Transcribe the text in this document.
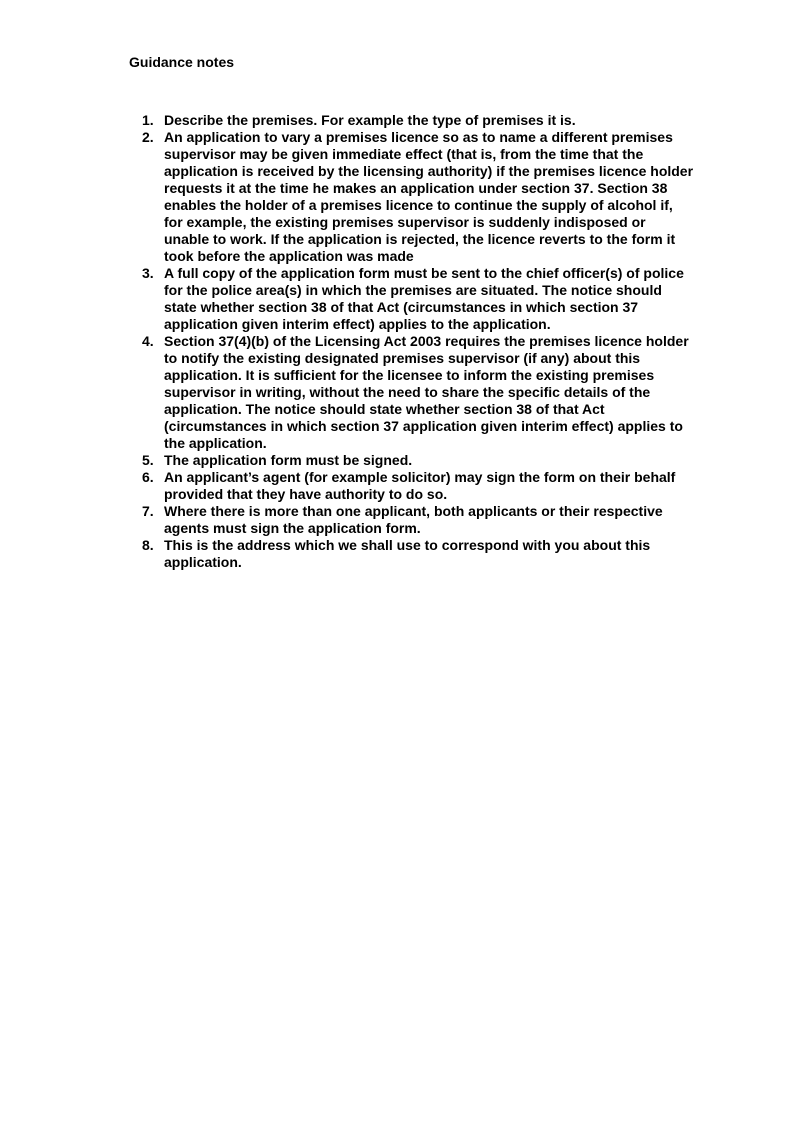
Guidance notes
1. Describe the premises. For example the type of premises it is.
2. An application to vary a premises licence so as to name a different premises supervisor may be given immediate effect (that is, from the time that the application is received by the licensing authority) if the premises licence holder requests it at the time he makes an application under section 37. Section 38 enables the holder of a premises licence to continue the supply of alcohol if, for example, the existing premises supervisor is suddenly indisposed or unable to work. If the application is rejected, the licence reverts to the form it took before the application was made
3. A full copy of the application form must be sent to the chief officer(s) of police for the police area(s) in which the premises are situated. The notice should state whether section 38 of that Act (circumstances in which section 37 application given interim effect) applies to the application.
4. Section 37(4)(b) of the Licensing Act 2003 requires the premises licence holder to notify the existing designated premises supervisor (if any) about this application. It is sufficient for the licensee to inform the existing premises supervisor in writing, without the need to share the specific details of the application. The notice should state whether section 38 of that Act (circumstances in which section 37 application given interim effect) applies to the application.
5. The application form must be signed.
6. An applicant’s agent (for example solicitor) may sign the form on their behalf provided that they have authority to do so.
7. Where there is more than one applicant, both applicants or their respective agents must sign the application form.
8. This is the address which we shall use to correspond with you about this application.
